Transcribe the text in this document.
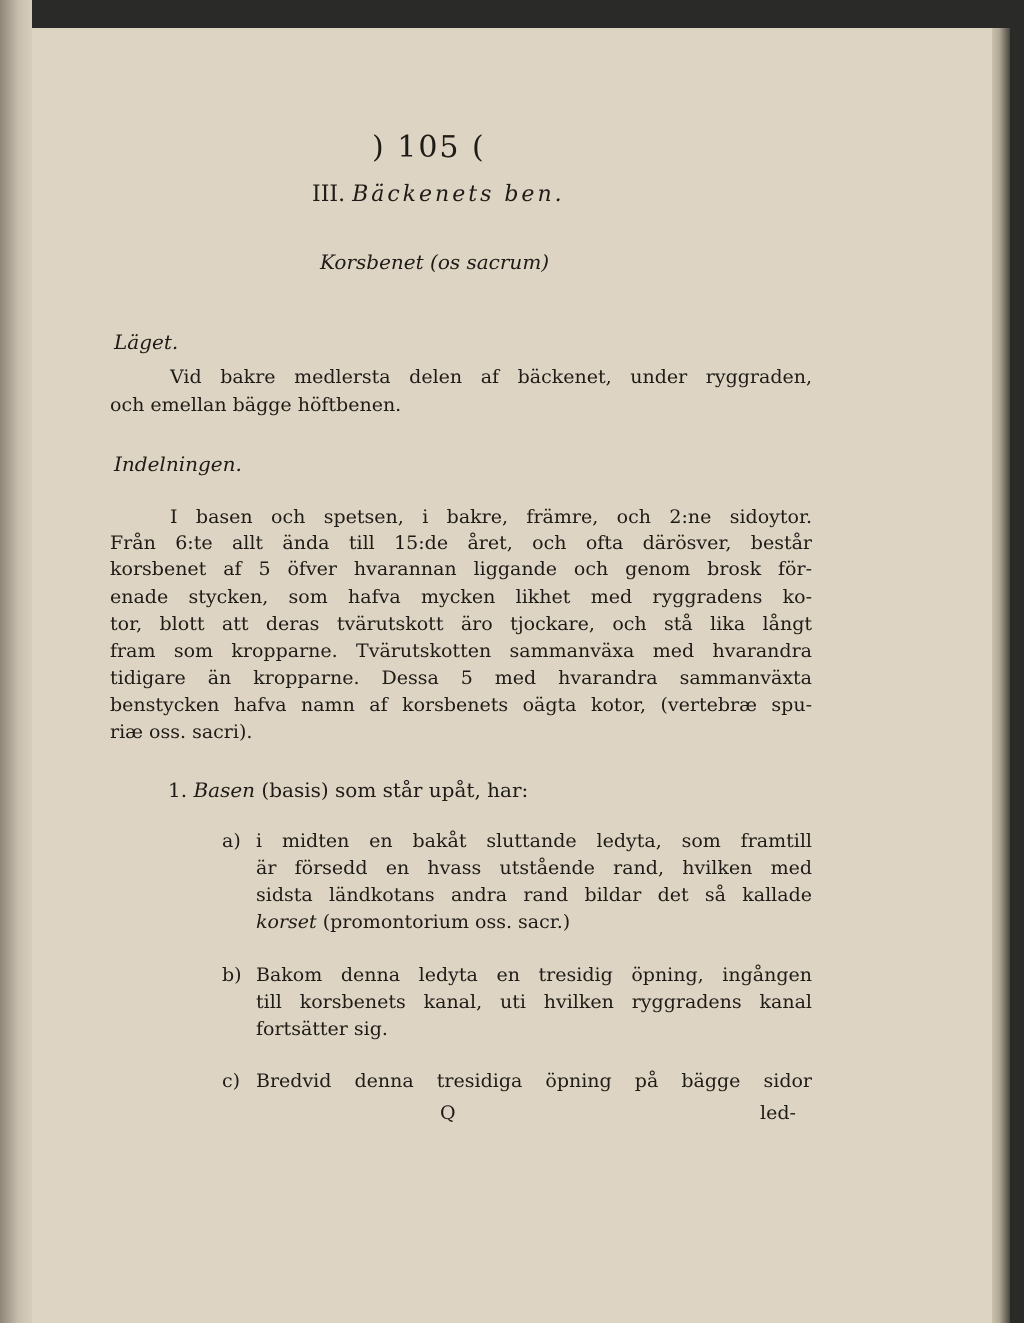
) 105 (
III. Bäckenets ben.
Korsbenet (os sacrum)
Läget.
Vid bakre medlersta delen af bäckenet, under ryggraden,
och emellan bägge höftbenen.
Indelningen.
I basen och spetsen, i bakre, främre, och 2:ne sidoytor.
Från 6:te allt ända till 15:de året, och ofta därösver, består
korsbenet af 5 öfver hvarannan liggande och genom brosk för-
enade stycken, som hafva mycken likhet med ryggradens ko-
tor, blott att deras tvärutskott äro tjockare, och stå lika långt
fram som kropparne. Tvärutskotten sammanväxa med hvarandra
tidigare än kropparne. Dessa 5 med hvarandra sammanväxta
benstycken hafva namn af korsbenets oägta kotor, (vertebræ spu-
riæ oss. sacri).
1. Basen (basis) som står upåt, har:
a) i midten en bakåt sluttande ledyta, som framtill
är försedd en hvass utstående rand, hvilken med
sidsta ländkotans andra rand bildar det så kallade
korset (promontorium oss. sacr.)
b) Bakom denna ledyta en tresidig öpning, ingången
till korsbenets kanal, uti hvilken ryggradens kanal
fortsätter sig.
c) Bredvid denna tresidiga öpning på bägge sidor
Q	led-
